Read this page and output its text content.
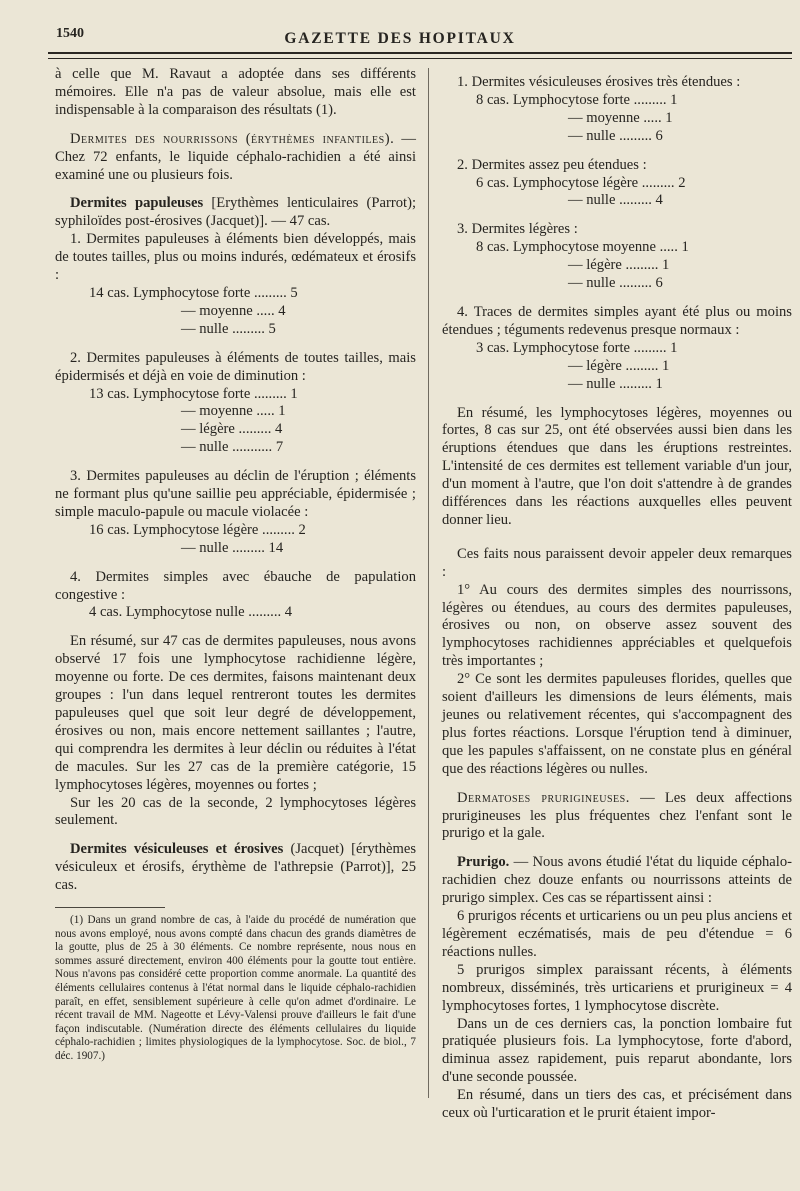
1540	GAZETTE DES HOPITAUX

à celle que M. Ravaut a adoptée dans ses différents mémoires. Elle n'a pas de valeur absolue, mais elle est indispensable à la comparaison des résultats (1).

Dermites des nourrissons (érythèmes infantiles). — Chez 72 enfants, le liquide céphalo-rachidien a été ainsi examiné une ou plusieurs fois.

Dermites papuleuses [Erythèmes lenticulaires (Parrot); syphiloïdes post-érosives (Jacquet)]. — 47 cas.

1. Dermites papuleuses à éléments bien développés, mais de toutes tailles, plus ou moins indurés, œdémateux et érosifs :

14 cas. Lymphocytose forte ......... 5
— moyenne ..... 4
— nulle ......... 5

2. Dermites papuleuses à éléments de toutes tailles, mais épidermisés et déjà en voie de diminution :

13 cas. Lymphocytose forte ......... 1
— moyenne ..... 1
— légère ......... 4
— nulle ........... 7

3. Dermites papuleuses au déclin de l'éruption ; éléments ne formant plus qu'une saillie peu appréciable, épidermisée ; simple maculo-papule ou macule violacée :

16 cas. Lymphocytose légère ......... 2
— nulle ......... 14

4. Dermites simples avec ébauche de papulation congestive :

4 cas. Lymphocytose nulle ......... 4

En résumé, sur 47 cas de dermites papuleuses, nous avons observé 17 fois une lymphocytose rachidienne légère, moyenne ou forte. De ces dermites, faisons maintenant deux groupes : l'un dans lequel rentreront toutes les dermites papuleuses quel que soit leur degré de développement, érosives ou non, mais encore nettement saillantes ; l'autre, qui comprendra les dermites à leur déclin ou réduites à l'état de macules. Sur les 27 cas de la première catégorie, 15 lymphocytoses légères, moyennes ou fortes ;

Sur les 20 cas de la seconde, 2 lymphocytoses légères seulement.

Dermites vésiculeuses et érosives (Jacquet) [érythèmes vésiculeux et érosifs, érythème de l'athrepsie (Parrot)], 25 cas.

(1) Dans un grand nombre de cas, à l'aide du procédé de numération que nous avons employé, nous avons compté dans chacun des grands diamètres de la goutte, plus de 25 à 30 éléments. Ce nombre représente, nous nous en sommes assuré directement, environ 400 éléments pour la goutte tout entière. Nous n'avons pas considéré cette proportion comme anormale. La quantité des éléments cellulaires contenus à l'état normal dans le liquide céphalo-rachidien paraît, en effet, sensiblement supérieure à celle qu'on admet d'ordinaire. Le récent travail de MM. Nageotte et Lévy-Valensi prouve d'ailleurs le fait d'une façon indiscutable. (Numération directe des éléments cellulaires du liquide céphalo-rachidien ; limites physiologiques de la lymphocytose. Soc. de biol., 7 déc. 1907.)

1. Dermites vésiculeuses érosives très étendues :

8 cas. Lymphocytose forte ......... 1
— moyenne ..... 1
— nulle ......... 6

2. Dermites assez peu étendues :

6 cas. Lymphocytose légère ......... 2
— nulle ......... 4

3. Dermites légères :

8 cas. Lymphocytose moyenne ..... 1
— légère ......... 1
— nulle ......... 6

4. Traces de dermites simples ayant été plus ou moins étendues ; téguments redevenus presque normaux :

3 cas. Lymphocytose forte ......... 1
— légère ......... 1
— nulle ......... 1

En résumé, les lymphocytoses légères, moyennes ou fortes, 8 cas sur 25, ont été observées aussi bien dans les éruptions étendues que dans les éruptions restreintes. L'intensité de ces dermites est tellement variable d'un jour, d'un moment à l'autre, que l'on doit s'attendre à de grandes différences dans les réactions auxquelles elles peuvent donner lieu.

Ces faits nous paraissent devoir appeler deux remarques :

1° Au cours des dermites simples des nourrissons, légères ou étendues, au cours des dermites papuleuses, érosives ou non, on observe assez souvent des lymphocytoses rachidiennes appréciables et quelquefois très importantes ;

2° Ce sont les dermites papuleuses florides, quelles que soient d'ailleurs les dimensions de leurs éléments, mais jeunes ou relativement récentes, qui s'accompagnent des plus fortes réactions. Lorsque l'éruption tend à diminuer, que les papules s'affaissent, on ne constate plus en général que des réactions légères ou nulles.

Dermatoses prurigineuses. — Les deux affections prurigineuses les plus fréquentes chez l'enfant sont le prurigo et la gale.

Prurigo. — Nous avons étudié l'état du liquide céphalo-rachidien chez douze enfants ou nourrissons atteints de prurigo simplex. Ces cas se répartissent ainsi :

6 prurigos récents et urticariens ou un peu plus anciens et légèrement eczématisés, mais de peu d'étendue = 6 réactions nulles.

5 prurigos simplex paraissant récents, à éléments nombreux, disséminés, très urticariens et prurigineux = 4 lymphocytoses fortes, 1 lymphocytose discrète.

Dans un de ces derniers cas, la ponction lombaire fut pratiquée plusieurs fois. La lymphocytose, forte d'abord, diminua assez rapidement, puis reparut abondante, lors d'une seconde poussée.

En résumé, dans un tiers des cas, et précisément dans ceux où l'urticaration et le prurit étaient impor-
